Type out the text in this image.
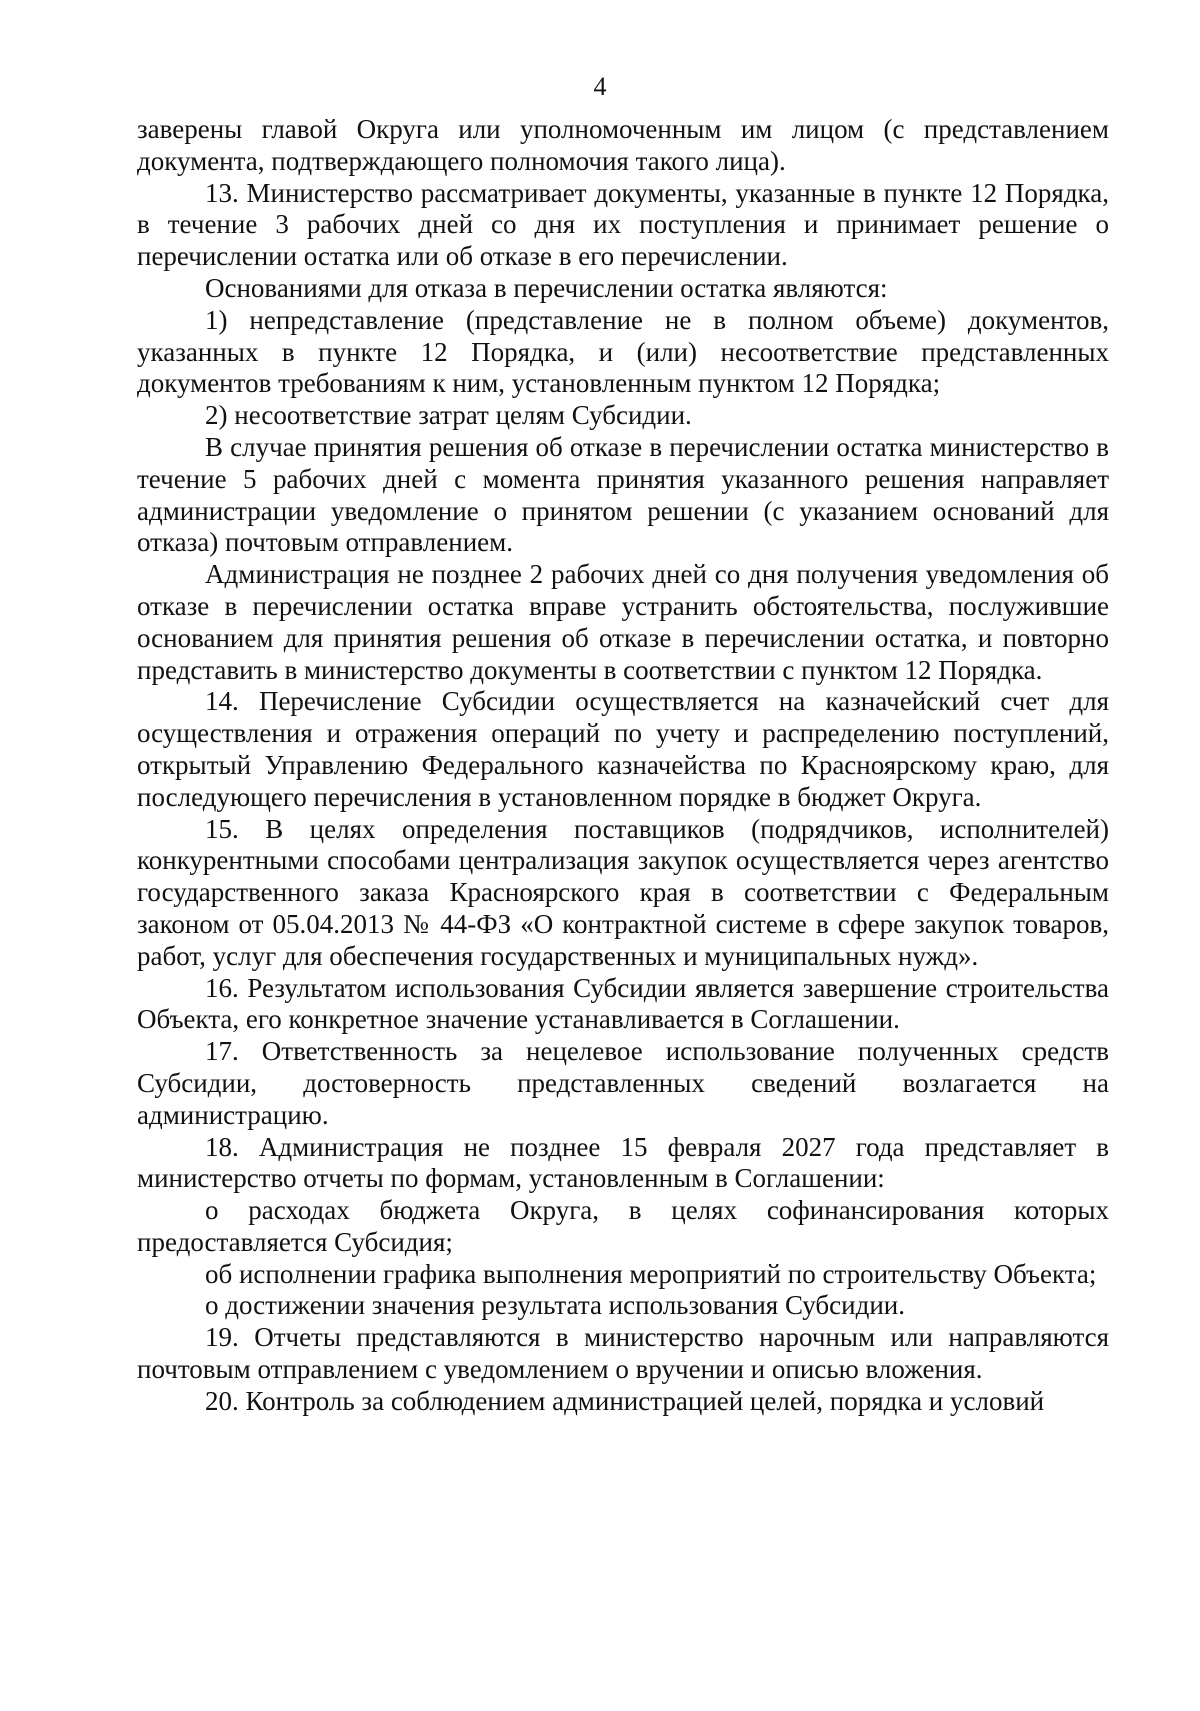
4

заверены главой Округа или уполномоченным им лицом (с представлением документа, подтверждающего полномочия такого лица).

13. Министерство рассматривает документы, указанные в пункте 12 Порядка, в течение 3 рабочих дней со дня их поступления и принимает решение о перечислении остатка или об отказе в его перечислении.

Основаниями для отказа в перечислении остатка являются:

1) непредставление (представление не в полном объеме) документов, указанных в пункте 12 Порядка, и (или) несоответствие представленных документов требованиям к ним, установленным пунктом 12 Порядка;

2) несоответствие затрат целям Субсидии.

В случае принятия решения об отказе в перечислении остатка министерство в течение 5 рабочих дней с момента принятия указанного решения направляет администрации уведомление о принятом решении (с указанием оснований для отказа) почтовым отправлением.

Администрация не позднее 2 рабочих дней со дня получения уведомления об отказе в перечислении остатка вправе устранить обстоятельства, послужившие основанием для принятия решения об отказе в перечислении остатка, и повторно представить в министерство документы в соответствии с пунктом 12 Порядка.

14. Перечисление Субсидии осуществляется на казначейский счет для осуществления и отражения операций по учету и распределению поступлений, открытый Управлению Федерального казначейства по Красноярскому краю, для последующего перечисления в установленном порядке в бюджет Округа.

15. В целях определения поставщиков (подрядчиков, исполнителей) конкурентными способами централизация закупок осуществляется через агентство государственного заказа Красноярского края в соответствии с Федеральным законом от 05.04.2013 № 44-ФЗ «О контрактной системе в сфере закупок товаров, работ, услуг для обеспечения государственных и муниципальных нужд».

16. Результатом использования Субсидии является завершение строительства Объекта, его конкретное значение устанавливается в Соглашении.

17. Ответственность за нецелевое использование полученных средств Субсидии, достоверность представленных сведений возлагается на администрацию.

18. Администрация не позднее 15 февраля 2027 года представляет в министерство отчеты по формам, установленным в Соглашении:

о расходах бюджета Округа, в целях софинансирования которых предоставляется Субсидия;

об исполнении графика выполнения мероприятий по строительству Объекта;

о достижении значения результата использования Субсидии.

19. Отчеты представляются в министерство нарочным или направляются почтовым отправлением с уведомлением о вручении и описью вложения.

20. Контроль за соблюдением администрацией целей, порядка и условий
